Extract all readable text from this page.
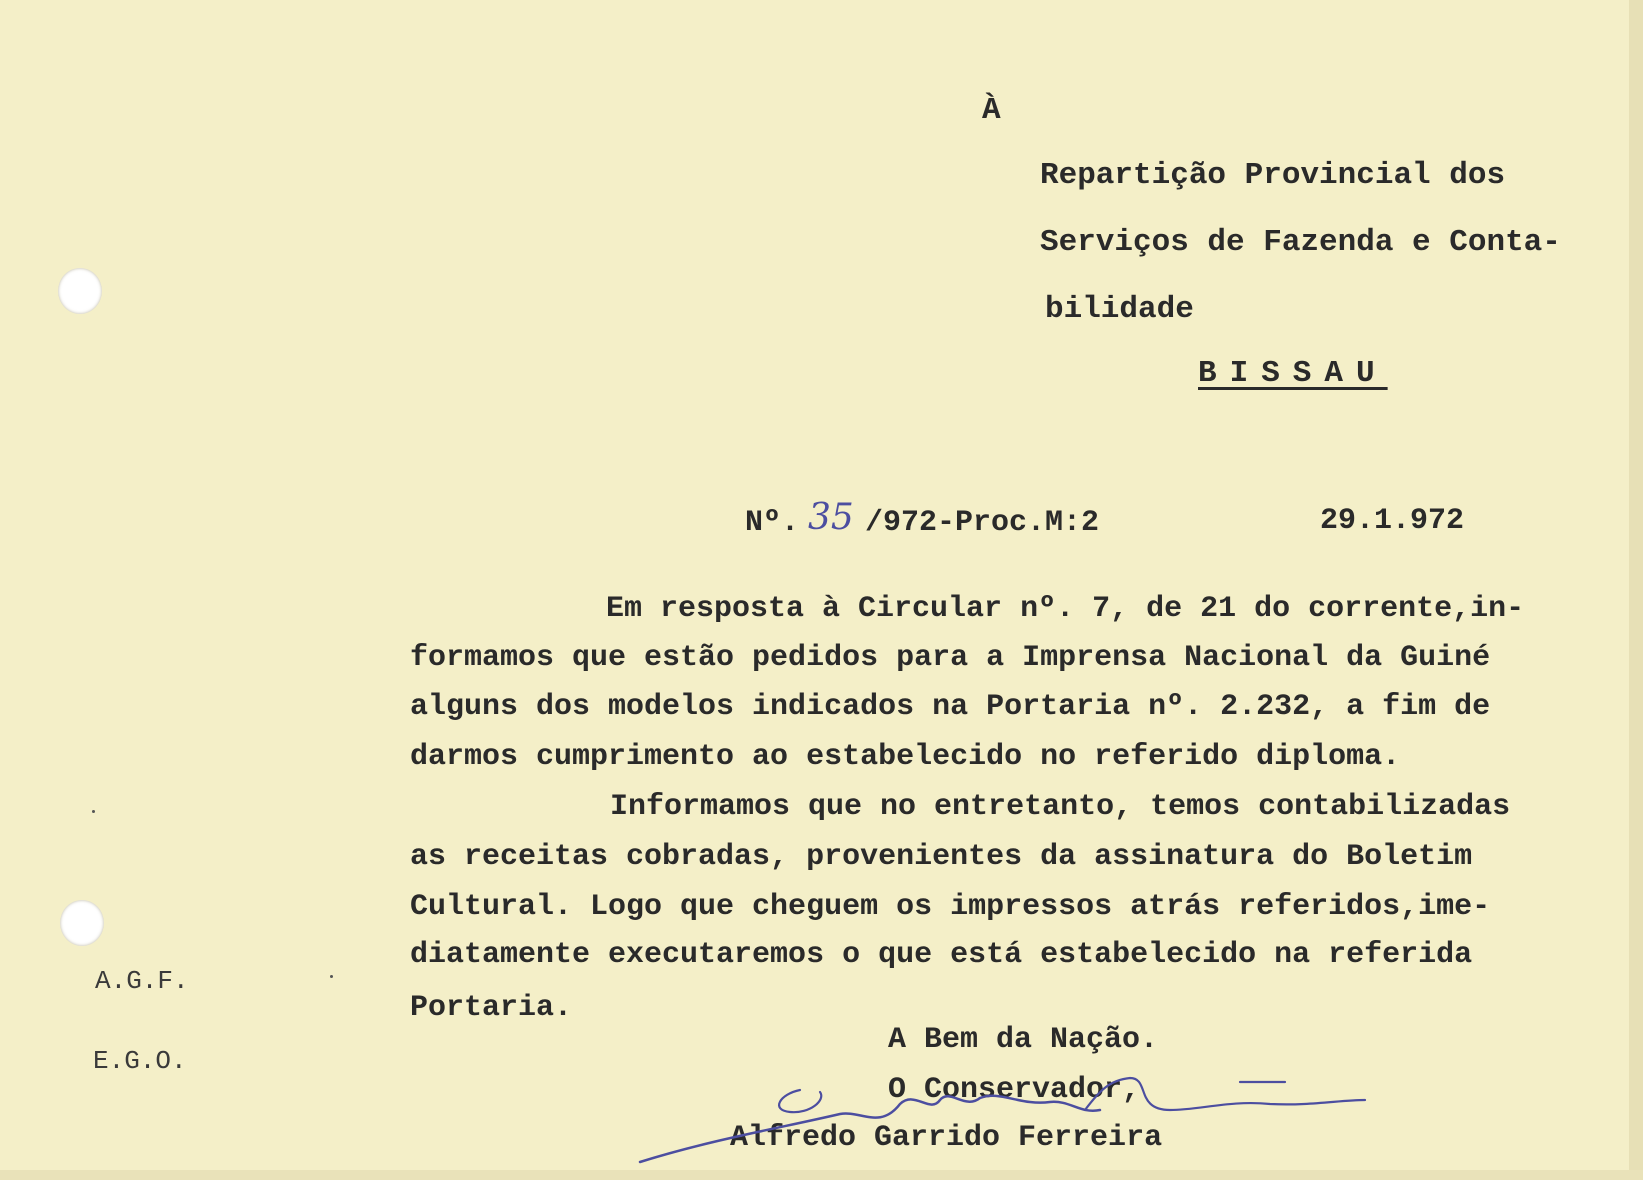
À
Repartição Provincial dos
Serviços de Fazenda e Conta-
bilidade
BISSAU
Nº. 35 /972-Proc.M:2	29.1.972
Em resposta à Circular nº. 7, de 21 do corrente,in-
formamos que estão pedidos para a Imprensa Nacional da Guiné
alguns dos modelos indicados na Portaria nº. 2.232, a fim de
darmos cumprimento ao estabelecido no referido diploma.
Informamos que no entretanto, temos contabilizadas
as receitas cobradas, provenientes da assinatura do Boletim
Cultural. Logo que cheguem os impressos atrás referidos,ime-
diatamente executaremos o que está estabelecido na referida
Portaria.
A.G.F.
E.G.O.
A Bem da Nação.
O Conservador,
Alfredo Garrido Ferreira
